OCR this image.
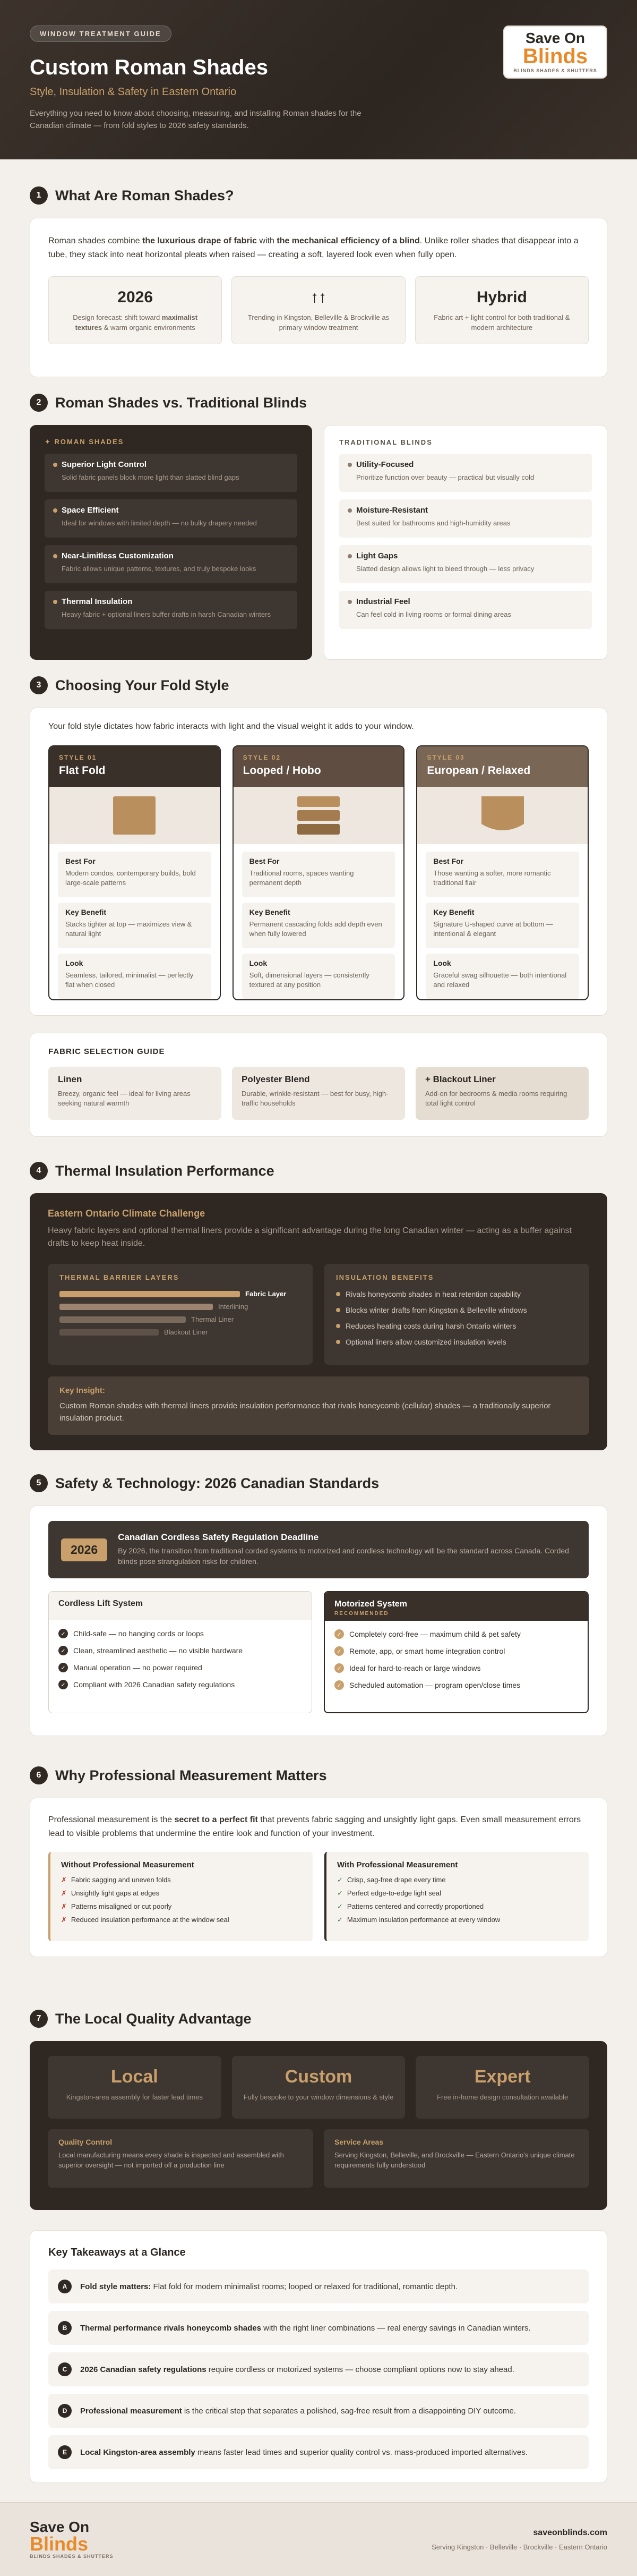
WINDOW TREATMENT GUIDE
Custom Roman Shades
Style, Insulation & Safety in Eastern Ontario

Everything you need to know about choosing, measuring, and installing Roman shades for the Canadian climate — from fold styles to 2026 safety standards.

Save On
Blinds
BLINDS SHADES & SHUTTERS
1 What Are Roman Shades?

Roman shades combine the luxurious drape of fabric with the mechanical efficiency of a blind. Unlike roller shades that disappear into a tube, they stack into neat horizontal pleats when raised — creating a soft, layered look even when fully open.

2026
Design forecast: shift toward maximalist textures & warm organic environments
↑↑
Trending in Kingston, Belleville & Brockville as primary window treatment
Hybrid
Fabric art + light control for both traditional & modern architecture
2 Roman Shades vs. Traditional Blinds
✦ ROMAN SHADES
Superior Light Control
Solid fabric panels block more light than slatted blind gaps
Space Efficient
Ideal for windows with limited depth — no bulky drapery needed
Near-Limitless Customization
Fabric allows unique patterns, textures, and truly bespoke looks
Thermal Insulation
Heavy fabric + optional liners buffer drafts in harsh Canadian winters
TRADITIONAL BLINDS
Utility-Focused
Prioritize function over beauty — practical but visually cold
Moisture-Resistant
Best suited for bathrooms and high-humidity areas
Light Gaps
Slatted design allows light to bleed through — less privacy
Industrial Feel
Can feel cold in living rooms or formal dining areas
3 Choosing Your Fold Style

Your fold style dictates how fabric interacts with light and the visual weight it adds to your window.

STYLE 01
Flat Fold
Best For
Modern condos, contemporary builds, bold large-scale patterns
Key Benefit
Stacks tighter at top — maximizes view & natural light
Look
Seamless, tailored, minimalist — perfectly flat when closed
STYLE 02
Looped / Hobo
Best For
Traditional rooms, spaces wanting permanent depth
Key Benefit
Permanent cascading folds add depth even when fully lowered
Look
Soft, dimensional layers — consistently textured at any position
STYLE 03
European / Relaxed
Best For
Those wanting a softer, more romantic traditional flair
Key Benefit
Signature U-shaped curve at bottom — intentional & elegant
Look
Graceful swag silhouette — both intentional and relaxed
FABRIC SELECTION GUIDE
Linen
Breezy, organic feel — ideal for living areas seeking natural warmth
Polyester Blend
Durable, wrinkle-resistant — best for busy, high-traffic households
+ Blackout Liner
Add-on for bedrooms & media rooms requiring total light control
4 Thermal Insulation Performance
Eastern Ontario Climate Challenge

Heavy fabric layers and optional thermal liners provide a significant advantage during the long Canadian winter — acting as a buffer against drafts to keep heat inside.

THERMAL BARRIER LAYERS
Fabric Layer
Interlining
Thermal Liner
Blackout Liner
INSULATION BENEFITS
Rivals honeycomb shades in heat retention capability
Blocks winter drafts from Kingston & Belleville windows
Reduces heating costs during harsh Ontario winters
Optional liners allow customized insulation levels
Key Insight:
Custom Roman shades with thermal liners provide insulation performance that rivals honeycomb (cellular) shades — a traditionally superior insulation product.
5 Safety & Technology: 2026 Canadian Standards
2026
Canadian Cordless Safety Regulation Deadline
By 2026, the transition from traditional corded systems to motorized and cordless technology will be the standard across Canada. Corded blinds pose strangulation risks for children.
Cordless Lift System
✓	Child-safe — no hanging cords or loops
✓	Clean, streamlined aesthetic — no visible hardware
✓	Manual operation — no power required
✓	Compliant with 2026 Canadian safety regulations
Motorized System
RECOMMENDED
✓	Completely cord-free — maximum child & pet safety
✓	Remote, app, or smart home integration control
✓	Ideal for hard-to-reach or large windows
✓	Scheduled automation — program open/close times
6 Why Professional Measurement Matters

Professional measurement is the secret to a perfect fit that prevents fabric sagging and unsightly light gaps. Even small measurement errors lead to visible problems that undermine the entire look and function of your investment.

Without Professional Measurement
✗ Fabric sagging and uneven folds
✗ Unsightly light gaps at edges
✗ Patterns misaligned or cut poorly
✗ Reduced insulation performance at the window seal
With Professional Measurement
✓ Crisp, sag-free drape every time
✓ Perfect edge-to-edge light seal
✓ Patterns centered and correctly proportioned
✓ Maximum insulation performance at every window
7 The Local Quality Advantage
Local
Kingston-area assembly for faster lead times
Custom
Fully bespoke to your window dimensions & style
Expert
Free in-home design consultation available
Quality Control
Local manufacturing means every shade is inspected and assembled with superior oversight — not imported off a production line
Service Areas
Serving Kingston, Belleville, and Brockville — Eastern Ontario's unique climate requirements fully understood
Key Takeaways at a Glance
A	Fold style matters: Flat fold for modern minimalist rooms; looped or relaxed for traditional, romantic depth.
B	Thermal performance rivals honeycomb shades with the right liner combinations — real energy savings in Canadian winters.
C	2026 Canadian safety regulations require cordless or motorized systems — choose compliant options now to stay ahead.
D	Professional measurement is the critical step that separates a polished, sag-free result from a disappointing DIY outcome.
E	Local Kingston-area assembly means faster lead times and superior quality control vs. mass-produced imported alternatives.
Save On
Blinds
BLINDS SHADES & SHUTTERS
saveonblinds.com
Serving Kingston · Belleville · Brockville · Eastern Ontario
